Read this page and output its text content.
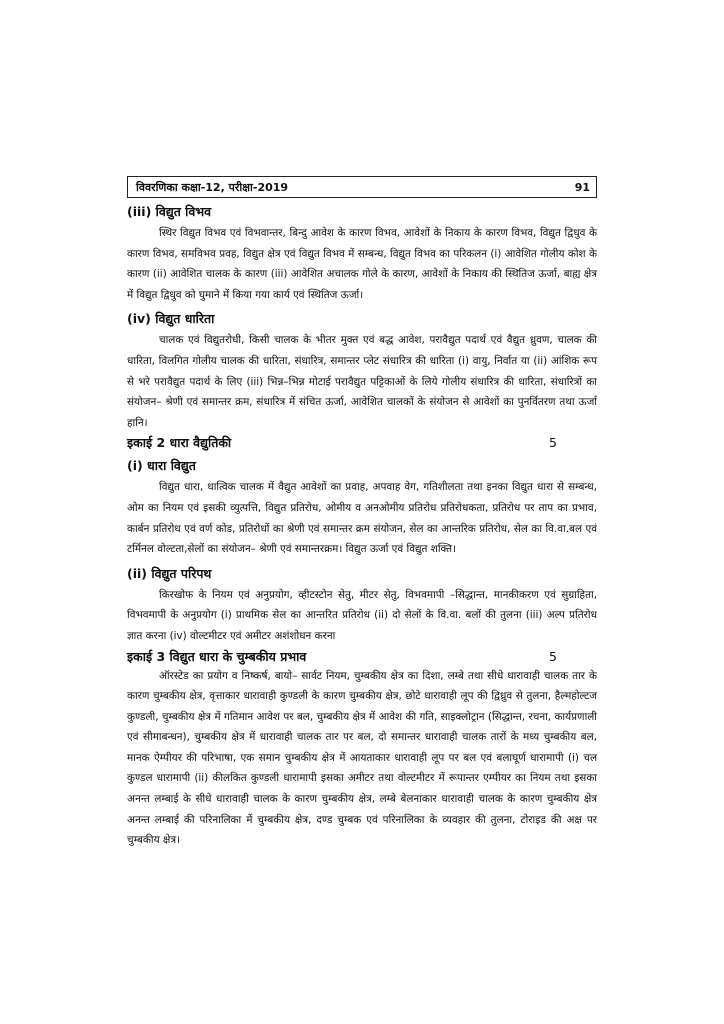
विवरणिका कक्षा-12, परीक्षा-2019	91
(iii) विद्युत विभव

स्थिर विद्युत विभव एवं विभवान्तर, बिन्दु आवेश के कारण विभव, आवेशों के निकाय के कारण विभव, विद्युत द्विधुव के कारण विभव, समविभव प्रवह, विद्युत क्षेत्र एवं विद्युत विभव में सम्बन्ध, विद्युत विभव का परिकलन (i) आवेशित गोलीय कोश के कारण (ii) आवेशित चालक के कारण (iii) आवेशित अचालक गोले के कारण, आवेशों के निकाय की स्थितिज ऊर्जा, बाह्य क्षेत्र में विद्युत द्विधुव को घुमाने में किया गया कार्य एवं स्थितिज ऊर्जा।

(iv) विद्युत धारिता

चालक एवं विद्युतरोधी, किसी चालक के भीतर मुक्त एवं बद्ध आवेश, परावैद्युत पदार्थ एवं वैद्युत ध्रुवण, चालक की धारिता, विलगित गोलीय चालक की धारिता, संधारित्र, समान्तर प्लेट संधारित्र की धारिता (i) वायु, निर्वात या (ii) आंशिक रूप से भरे परावैद्युत पदार्थ के लिए (iii) भिन्न–भिन्न मोटाई परावैद्युत पट्टिकाओं के लिये गोलीय संधारित्र की धारिता, संधारित्रों का संयोजन– श्रेणी एवं समान्तर क्रम, संधारित्र में संचित ऊर्जा, आवेशित चालकों के संयोजन से आवेशों का पुनर्वितरण तथा ऊर्जा हानि।

इकाई 2 धारा वैद्युतिकी	5
(i) धारा विद्युत

विद्युत धारा, धात्विक चालक में वैद्युत आवेशों का प्रवाह, अपवाह वेग, गतिशीलता तथा इनका विद्युत धारा से सम्बन्ध, ओम का नियम एवं इसकी व्युत्पत्ति, विद्युत प्रतिरोध, ओमीय व अनओमीय प्रतिरोध प्रतिरोधकता, प्रतिरोध पर ताप का प्रभाव, कार्बन प्रतिरोध एवं वर्ण कोड, प्रतिरोधों का श्रेणी एवं समान्तर क्रम संयोजन, सेल का आन्तरिक प्रतिरोध, सेल का वि.वा.बल एवं टर्मिनल वोल्टता,सेलों का संयोजन– श्रेणी एवं समान्तरक्रम। विद्युत ऊर्जा एवं विद्युत शक्ति।

(ii) विद्युत परिपथ

किरखोफ के नियम एवं अनुप्रयोग, व्हीटस्टोन सेतु, मीटर सेतु, विभवमापी –सिद्धान्त, मानकीकरण एवं सुग्राहिता, विभवमापी के अनुप्रयोग (i) प्राथमिक सेल का आन्तरित प्रतिरोध (ii) दो सेलों के वि.वा. बलों की तुलना (iii) अल्प प्रतिरोध ज्ञात करना (iv) वोल्टमीटर एवं अमीटर अशंशोधन करना

इकाई 3 विद्युत धारा के चुम्बकीय प्रभाव	5

ऑरस्टेड का प्रयोग व निष्कर्ष, बायो– सार्वट नियम, चुम्बकीय क्षेत्र का दिशा, लम्बे तथा सीधे धारावाही चालक तार के कारण चुम्बकीय क्षेत्र, वृत्ताकार धारावाही कुण्डली के कारण चुम्बकीय क्षेत्र, छोटे धारावाही लूप की द्विध्रुव से तुलना, हैल्महोल्टज कुण्डली, चुम्बकीय क्षेत्र में गतिमान आवेश पर बल, चुम्बकीय क्षेत्र में आवेश की गति, साइक्लोट्रान (सिद्धान्त, रचना, कार्यप्रणाली एवं सीमाबन्धन), चुम्बकीय क्षेत्र में धारावाही चालक तार पर बल, दो समान्तर धारावाही चालक तारों के मध्य चुम्बकीय बल, मानक ऐम्पीयर की परिभाषा, एक समान चुम्बकीय क्षेत्र में आयताकार धारावाही लूप पर बल एवं बलाघूर्ण धारामापी (i) चल कुण्डल धारामापी (ii) कीलकित कुण्डली धारामापी इसका अमीटर तथा वोल्टमीटर में रूपान्तर एम्पीयर का नियम तथा इसका अनन्त लम्बाई के सीधे धारावाही चालक के कारण चुम्बकीय क्षेत्र, लम्बे बेलनाकार धारावाही चालक के कारण चुम्बकीय क्षेत्र अनन्त लम्बाई की परिनालिका में चुम्बकीय क्षेत्र, दण्ड चुम्बक एवं परिनालिका के व्यवहार की तुलना, टोराइड की अक्ष पर चुम्बकीय क्षेत्र।
